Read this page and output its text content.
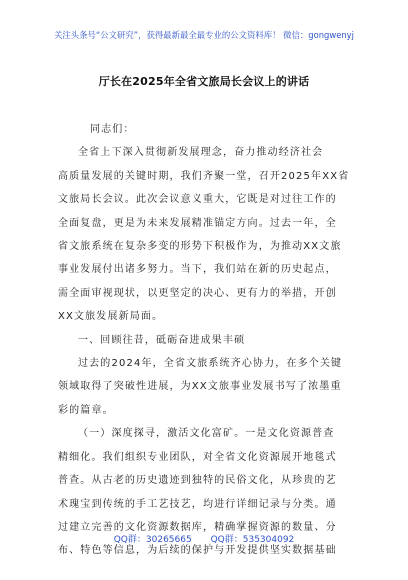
关注头条号“公文研究”，获得最新最全最专业的公文资料库！ 微信：gongwenyj
厅长在2025年全省文旅局长会议上的讲话

同志们：

全省上下深入贯彻新发展理念，奋力推动经济社会
高质量发展的关键时期，我们齐聚一堂，召开2025年XX省
文旅局长会议。此次会议意义重大，它既是对过往工作的
全面复盘，更是为未来发展精准锚定方向。过去一年，全
省文旅系统在复杂多变的形势下积极作为，为推动XX文旅
事业发展付出诸多努力。当下，我们站在新的历史起点，
需全面审视现状，以更坚定的决心、更有力的举措，开创
XX文旅发展新局面。

一、回顾往昔，砥砺奋进成果丰硕

过去的2024年，全省文旅系统齐心协力，在多个关键
领域取得了突破性进展，为XX文旅事业发展书写了浓墨重
彩的篇章。

（一）深度探寻，激活文化富矿。一是文化资源普查
精细化。我们组织专业团队，对全省文化资源展开地毯式
普查。从古老的历史遗迹到独特的民俗文化，从珍贵的艺
术瑰宝到传统的手工艺技艺，均进行详细记录与分类。通
过建立完善的文化资源数据库，精确掌握资源的数量、分
布、特色等信息，为后续的保护与开发提供坚实数据基础

QQ群：30265665 QQ群：535304092
